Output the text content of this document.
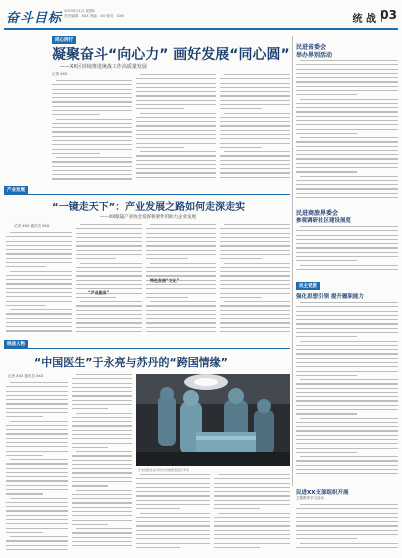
奋斗目标 2023年11月 星期X
责任编辑：XXX 美编：XX 校对：XXX	统 战 03
同心同行
凝聚奋斗“向心力” 画好发展“同心圆”
——XX区持续推进统战工作高质量发展
记者 XXX
民进省委会
举办界别活动
民进商旅界委会
参观调研社区建设展览
民主党派
强化思想引领 提升履职能力
产业发展
“一镜走天下”：产业发展之路如何走深走实
——XX眼镜产业协会发挥桥梁作用助力企业发展
记者 XXX 通讯员 XXX
“产业服务”
特色发展“文化”
统战人物
“中国医生”于永亮与苏丹的“跨国情缘”
记者 XXX 通讯员 XXX
于永亮医生在苏丹为当地患者进行手术
民进XX支部组织开展
主题教育学习活动
